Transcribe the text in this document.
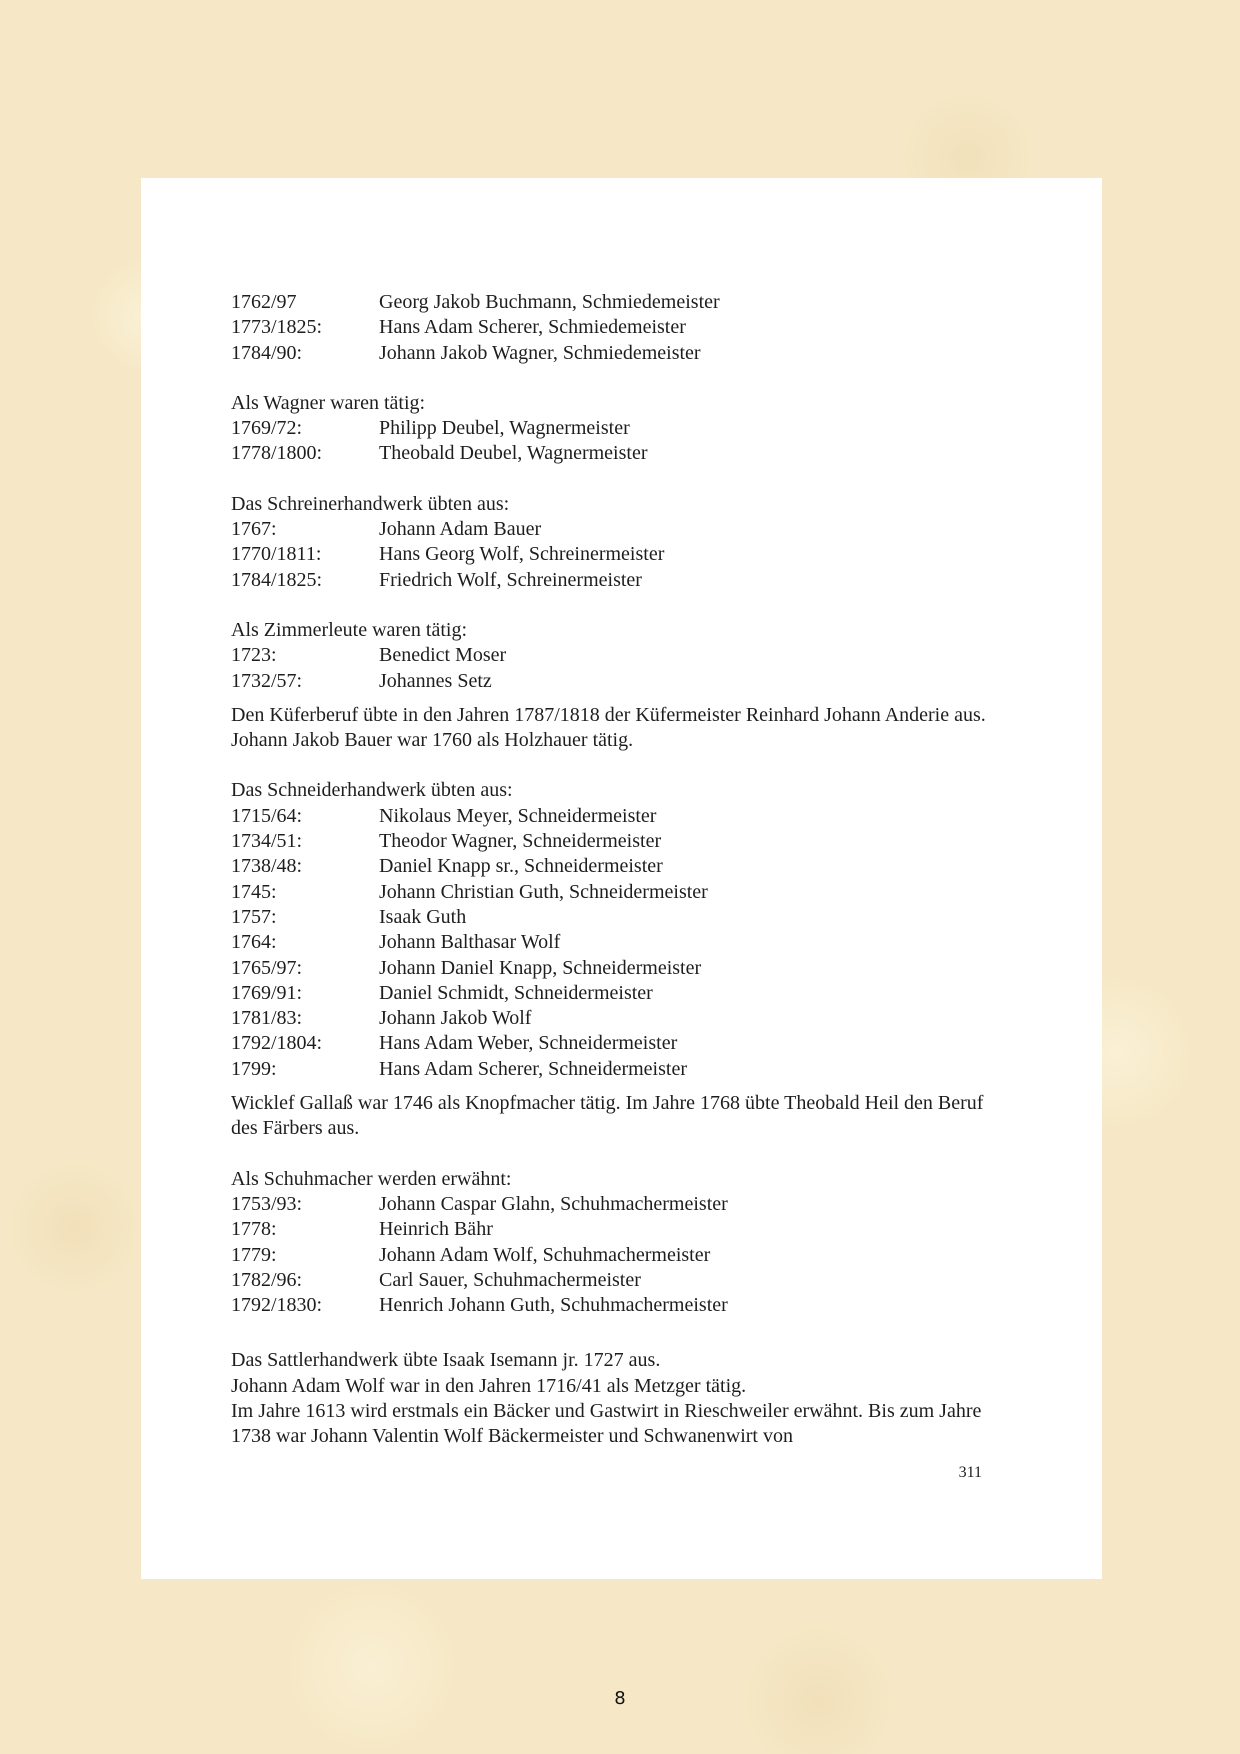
1762/97	Georg Jakob Buchmann, Schmiedemeister
1773/1825:	Hans Adam Scherer, Schmiedemeister
1784/90:	Johann Jakob Wagner, Schmiedemeister
Als Wagner waren tätig:
1769/72:	Philipp Deubel, Wagnermeister
1778/1800:	Theobald Deubel, Wagnermeister
Das Schreinerhandwerk übten aus:
1767:	Johann Adam Bauer
1770/1811:	Hans Georg Wolf, Schreinermeister
1784/1825:	Friedrich Wolf, Schreinermeister
Als Zimmerleute waren tätig:
1723:	Benedict Moser
1732/57:	Johannes Setz
Den Küferberuf übte in den Jahren 1787/1818 der Küfermeister Reinhard Johann Anderie aus.
Johann Jakob Bauer war 1760 als Holzhauer tätig.
Das Schneiderhandwerk übten aus:
1715/64:	Nikolaus Meyer, Schneidermeister
1734/51:	Theodor Wagner, Schneidermeister
1738/48:	Daniel Knapp sr., Schneidermeister
1745:	Johann Christian Guth, Schneidermeister
1757:	Isaak Guth
1764:	Johann Balthasar Wolf
1765/97:	Johann Daniel Knapp, Schneidermeister
1769/91:	Daniel Schmidt, Schneidermeister
1781/83:	Johann Jakob Wolf
1792/1804:	Hans Adam Weber, Schneidermeister
1799:	Hans Adam Scherer, Schneidermeister
Wicklef Gallaß war 1746 als Knopfmacher tätig. Im Jahre 1768 übte Theobald Heil den Beruf des Färbers aus.
Als Schuhmacher werden erwähnt:
1753/93:	Johann Caspar Glahn, Schuhmachermeister
1778:	Heinrich Bähr
1779:	Johann Adam Wolf, Schuhmachermeister
1782/96:	Carl Sauer, Schuhmachermeister
1792/1830:	Henrich Johann Guth, Schuhmachermeister
Das Sattlerhandwerk übte Isaak Isemann jr. 1727 aus.
Johann Adam Wolf war in den Jahren 1716/41 als Metzger tätig.
Im Jahre 1613 wird erstmals ein Bäcker und Gastwirt in Rieschweiler erwähnt. Bis zum Jahre 1738 war Johann Valentin Wolf Bäckermeister und Schwanenwirt von
311
8
